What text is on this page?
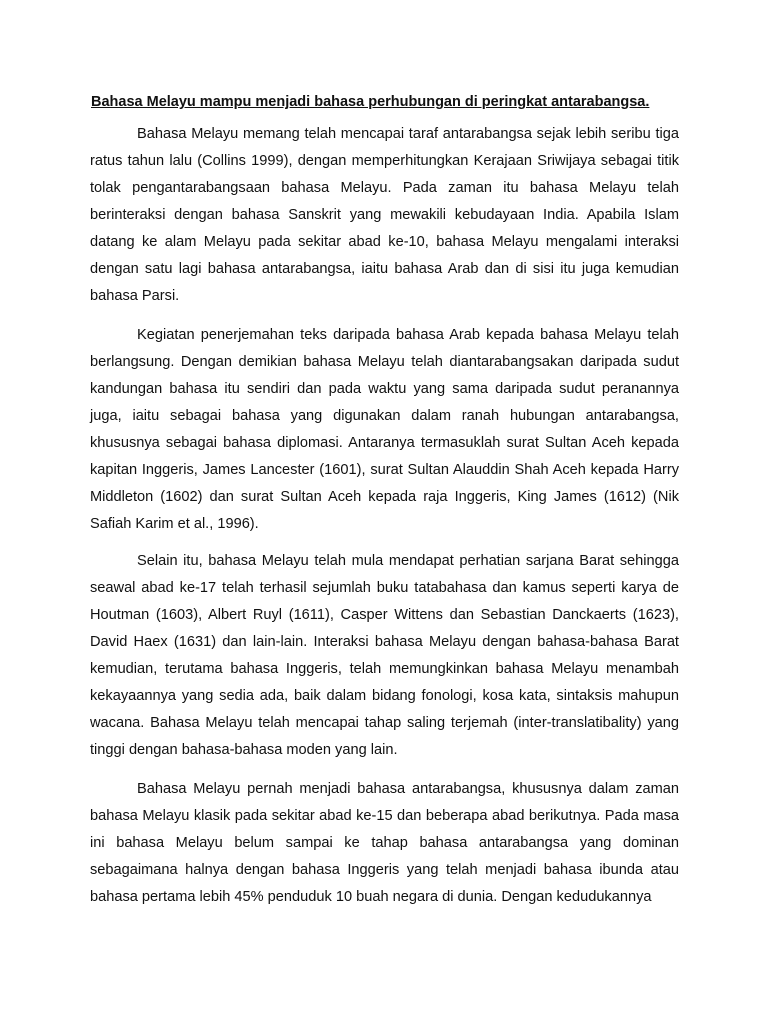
Bahasa Melayu mampu menjadi bahasa perhubungan di peringkat antarabangsa.

Bahasa Melayu memang telah mencapai taraf antarabangsa sejak lebih seribu tiga ratus tahun lalu (Collins 1999), dengan memperhitungkan Kerajaan Sriwijaya sebagai titik tolak pengantarabangsaan bahasa Melayu. Pada zaman itu bahasa Melayu telah berinteraksi dengan bahasa Sanskrit yang mewakili kebudayaan India. Apabila Islam datang ke alam Melayu pada sekitar abad ke-10, bahasa Melayu mengalami interaksi dengan satu lagi bahasa antarabangsa, iaitu bahasa Arab dan di sisi itu juga kemudian bahasa Parsi.

Kegiatan penerjemahan teks daripada bahasa Arab kepada bahasa Melayu telah berlangsung. Dengan demikian bahasa Melayu telah diantarabangsakan daripada sudut kandungan bahasa itu sendiri dan pada waktu yang sama daripada sudut peranannya juga, iaitu sebagai bahasa yang digunakan dalam ranah hubungan antarabangsa, khususnya sebagai bahasa diplomasi. Antaranya termasuklah surat Sultan Aceh kepada kapitan Inggeris, James Lancester (1601), surat Sultan Alauddin Shah Aceh kepada Harry Middleton (1602) dan surat Sultan Aceh kepada raja Inggeris, King James (1612) (Nik Safiah Karim et al., 1996).

Selain itu, bahasa Melayu telah mula mendapat perhatian sarjana Barat sehingga seawal abad ke-17 telah terhasil sejumlah buku tatabahasa dan kamus seperti karya de Houtman (1603), Albert Ruyl (1611), Casper Wittens dan Sebastian Danckaerts (1623), David Haex (1631) dan lain-lain. Interaksi bahasa Melayu dengan bahasa-bahasa Barat kemudian, terutama bahasa Inggeris, telah memungkinkan bahasa Melayu menambah kekayaannya yang sedia ada, baik dalam bidang fonologi, kosa kata, sintaksis mahupun wacana. Bahasa Melayu telah mencapai tahap saling terjemah (inter-translatibality) yang tinggi dengan bahasa-bahasa moden yang lain.

Bahasa Melayu pernah menjadi bahasa antarabangsa, khususnya dalam zaman bahasa Melayu klasik pada sekitar abad ke-15 dan beberapa abad berikutnya. Pada masa ini bahasa Melayu belum sampai ke tahap bahasa antarabangsa yang dominan sebagaimana halnya dengan bahasa Inggeris yang telah menjadi bahasa ibunda atau bahasa pertama lebih 45% penduduk 10 buah negara di dunia. Dengan kedudukannya
